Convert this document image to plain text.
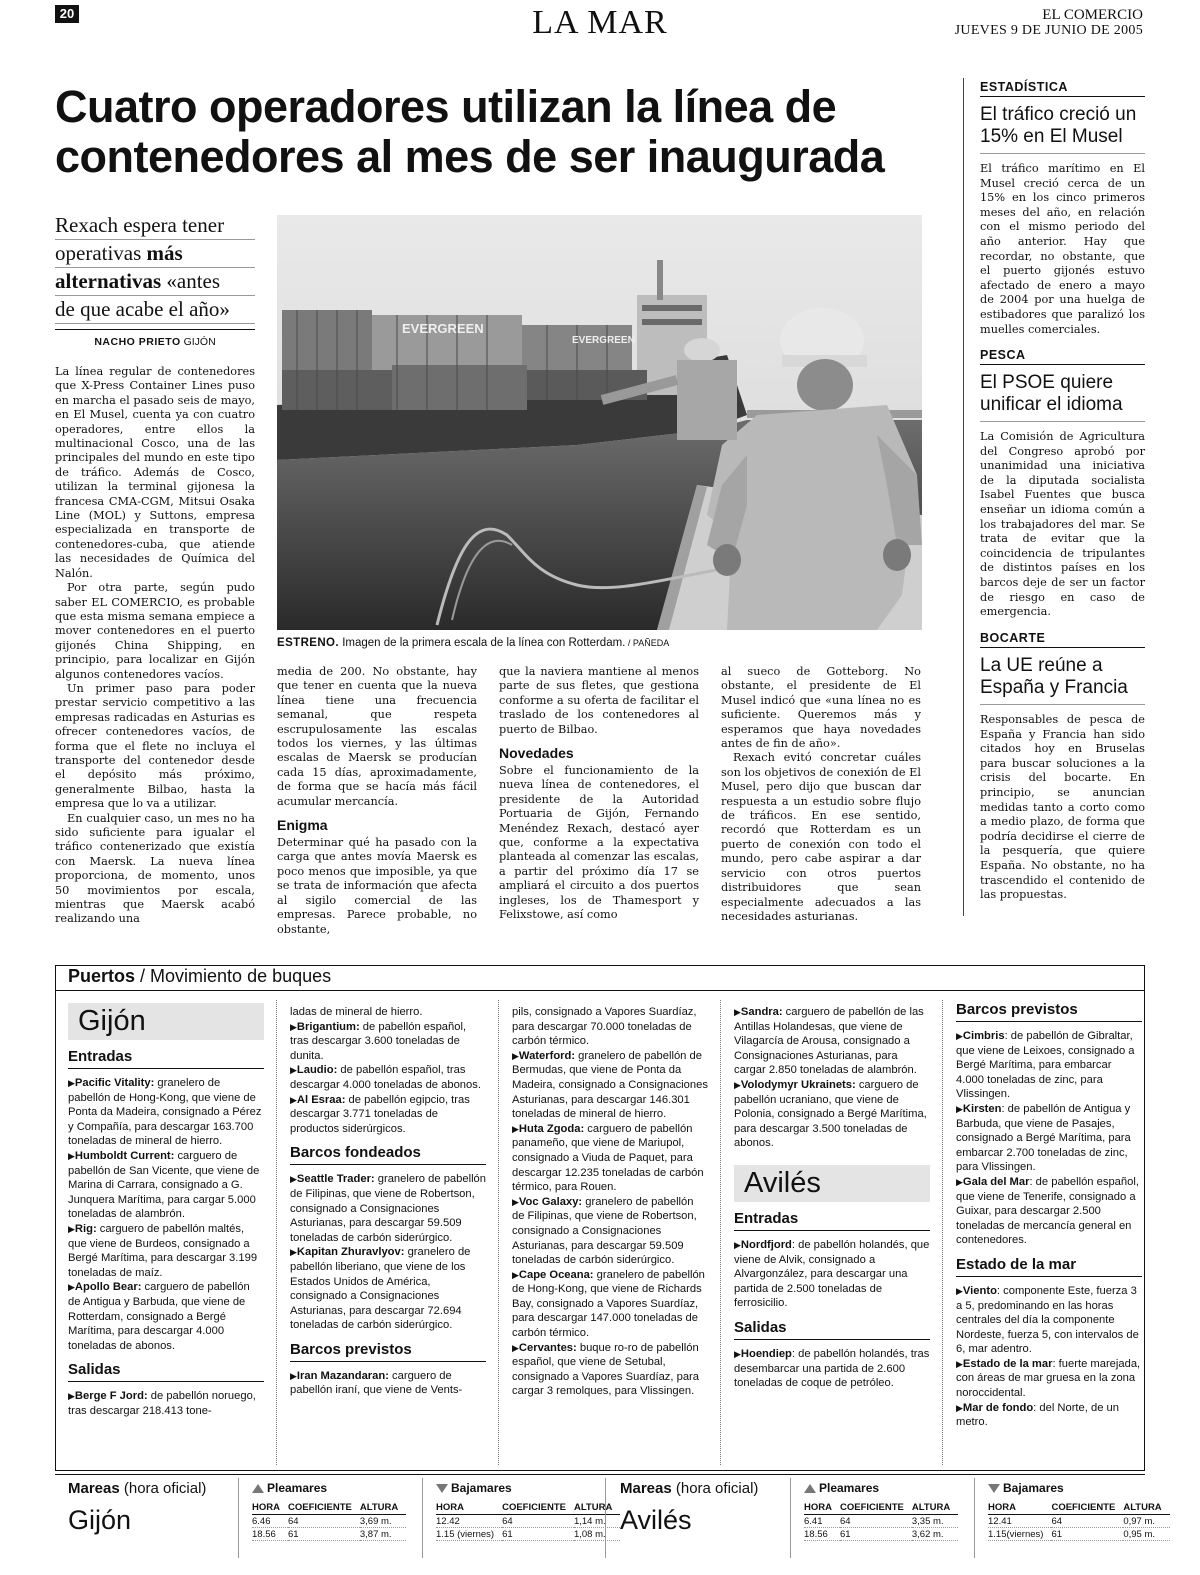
20	LA MAR	EL COMERCIO
JUEVES 9 DE JUNIO DE 2005
Cuatro operadores utilizan la línea de contenedores al mes de ser inaugurada
Rexach espera tener
operativas más
alternativas «antes
de que acabe el año»
NACHO PRIETO GIJÓN

La línea regular de contenedores que X-Press Container Lines puso en marcha el pasado seis de mayo, en El Musel, cuenta ya con cuatro operadores, entre ellos la multinacional Cosco, una de las principales del mundo en este tipo de tráfico. Además de Cosco, utilizan la terminal gijonesa la francesa CMA-CGM, Mitsui Osaka Line (MOL) y Suttons, empresa especializada en transporte de contenedores-cuba, que atiende las necesidades de Química del Nalón.

Por otra parte, según pudo saber EL COMERCIO, es probable que esta misma semana empiece a mover contenedores en el puerto gijonés China Shipping, en principio, para localizar en Gijón algunos contenedores vacíos.

Un primer paso para poder prestar servicio competitivo a las empresas radicadas en Asturias es ofrecer contenedores vacíos, de forma que el flete no incluya el transporte del contenedor desde el depósito más próximo, generalmente Bilbao, hasta la empresa que lo va a utilizar.

En cualquier caso, un mes no ha sido suficiente para igualar el tráfico contenerizado que existía con Maersk. La nueva línea proporciona, de momento, unos 50 movimientos por escala, mientras que Maersk acabó realizando una

EVERGREEN
EVERGREEN
ESTRENO. Imagen de la primera escala de la línea con Rotterdam. / PAÑEDA

media de 200. No obstante, hay que tener en cuenta que la nueva línea tiene una frecuencia semanal, que respeta escrupulosamente las escalas todos los viernes, y las últimas escalas de Maersk se producían cada 15 días, aproximadamente, de forma que se hacía más fácil acumular mercancía.

Enigma

Determinar qué ha pasado con la carga que antes movía Maersk es poco menos que imposible, ya que se trata de información que afecta al sigilo comercial de las empresas. Parece probable, no obstante,

que la naviera mantiene al menos parte de sus fletes, que gestiona conforme a su oferta de facilitar el traslado de los contenedores al puerto de Bilbao.

Novedades

Sobre el funcionamiento de la nueva línea de contenedores, el presidente de la Autoridad Portuaria de Gijón, Fernando Menéndez Rexach, destacó ayer que, conforme a la expectativa planteada al comenzar las escalas, a partir del próximo día 17 se ampliará el circuito a dos puertos ingleses, los de Thamesport y Felixstowe, así como

al sueco de Gotteborg. No obstante, el presidente de El Musel indicó que «una línea no es suficiente. Queremos más y esperamos que haya novedades antes de fin de año».

Rexach evitó concretar cuáles son los objetivos de conexión de El Musel, pero dijo que buscan dar respuesta a un estudio sobre flujo de tráficos. En ese sentido, recordó que Rotterdam es un puerto de conexión con todo el mundo, pero cabe aspirar a dar servicio con otros puertos distribuidores que sean especialmente adecuados a las necesidades asturianas.

ESTADÍSTICA
El tráfico creció un 15% en El Musel
El tráfico marítimo en El Musel creció cerca de un 15% en los cinco primeros meses del año, en relación con el mismo periodo del año anterior. Hay que recordar, no obstante, que el puerto gijonés estuvo afectado de enero a mayo de 2004 por una huelga de estibadores que paralizó los muelles comerciales.
PESCA
El PSOE quiere unificar el idioma
La Comisión de Agricultura del Congreso aprobó por unanimidad una iniciativa de la diputada socialista Isabel Fuentes que busca enseñar un idioma común a los trabajadores del mar. Se trata de evitar que la coincidencia de tripulantes de distintos países en los barcos deje de ser un factor de riesgo en caso de emergencia.
BOCARTE
La UE reúne a España y Francia
Responsables de pesca de España y Francia han sido citados hoy en Bruselas para buscar soluciones a la crisis del bocarte. En principio, se anuncian medidas tanto a corto como a medio plazo, de forma que podría decidirse el cierre de la pesquería, que quiere España. No obstante, no ha trascendido el contenido de las propuestas.
Puertos / Movimiento de buques
Gijón
Entradas

▶Pacific Vitality: granelero de pabellón de Hong-Kong, que viene de Ponta da Madeira, consignado a Pérez y Compañía, para descargar 163.700 toneladas de mineral de hierro.

▶Humboldt Current: carguero de pabellón de San Vicente, que viene de Marina di Carrara, consignado a G. Junquera Marítima, para cargar 5.000 toneladas de alambrón.

▶Rig: carguero de pabellón maltés, que viene de Burdeos, consignado a Bergé Marítima, para descargar 3.199 toneladas de maíz.

▶Apollo Bear: carguero de pabellón de Antigua y Barbuda, que viene de Rotterdam, consignado a Bergé Marítima, para descargar 4.000 toneladas de abonos.

Salidas

▶Berge F Jord: de pabellón noruego, tras descargar 218.413 tone-

ladas de mineral de hierro.

▶Brigantium: de pabellón español, tras descargar 3.600 toneladas de dunita.

▶Laudio: de pabellón español, tras descargar 4.000 toneladas de abonos.

▶Al Esraa: de pabellón egipcio, tras descargar 3.771 toneladas de productos siderúrgicos.

Barcos fondeados

▶Seattle Trader: granelero de pabellón de Filipinas, que viene de Robertson, consignado a Consignaciones Asturianas, para descargar 59.509 toneladas de carbón siderúrgico.

▶Kapitan Zhuravlyov: granelero de pabellón liberiano, que viene de los Estados Unidos de América, consignado a Consignaciones Asturianas, para descargar 72.694 toneladas de carbón siderúrgico.

Barcos previstos

▶Iran Mazandaran: carguero de pabellón iraní, que viene de Vents-

pils, consignado a Vapores Suardíaz, para descargar 70.000 toneladas de carbón térmico.

▶Waterford: granelero de pabellón de Bermudas, que viene de Ponta da Madeira, consignado a Consignaciones Asturianas, para descargar 146.301 toneladas de mineral de hierro.

▶Huta Zgoda: carguero de pabellón panameño, que viene de Mariupol, consignado a Viuda de Paquet, para descargar 12.235 toneladas de carbón térmico, para Rouen.

▶Voc Galaxy: granelero de pabellón de Filipinas, que viene de Robertson, consignado a Consignaciones Asturianas, para descargar 59.509 toneladas de carbón siderúrgico.

▶Cape Oceana: granelero de pabellón de Hong-Kong, que viene de Richards Bay, consignado a Vapores Suardíaz, para descargar 147.000 toneladas de carbón térmico.

▶Cervantes: buque ro-ro de pabellón español, que viene de Setubal, consignado a Vapores Suardíaz, para cargar 3 remolques, para Vlissingen.

▶Sandra: carguero de pabellón de las Antillas Holandesas, que viene de Vilagarcía de Arousa, consignado a Consignaciones Asturianas, para cargar 2.850 toneladas de alambrón.

▶Volodymyr Ukrainets: carguero de pabellón ucraniano, que viene de Polonia, consignado a Bergé Marítima, para descargar 3.500 toneladas de abonos.

Avilés
Entradas

▶Nordfjord: de pabellón holandés, que viene de Alvik, consignado a Alvargonzález, para descargar una partida de 2.500 toneladas de ferrosicilio.

Salidas

▶Hoendiep: de pabellón holandés, tras desembarcar una partida de 2.600 toneladas de coque de petróleo.

Barcos previstos

▶Cimbris: de pabellón de Gibraltar, que viene de Leixoes, consignado a Bergé Marítima, para embarcar 4.000 toneladas de zinc, para Vlissingen.

▶Kirsten: de pabellón de Antigua y Barbuda, que viene de Pasajes, consignado a Bergé Marítima, para embarcar 2.700 toneladas de zinc, para Vlissingen.

▶Gala del Mar: de pabellón español, que viene de Tenerife, consignado a Guixar, para descargar 2.500 toneladas de mercancía general en contenedores.

Estado de la mar

▶Viento: componente Este, fuerza 3 a 5, predominando en las horas centrales del día la componente Nordeste, fuerza 5, con intervalos de 6, mar adentro.

▶Estado de la mar: fuerte marejada, con áreas de mar gruesa en la zona noroccidental.

▶Mar de fondo: del Norte, de un metro.

Mareas (hora oficial)
Gijón
Pleamares
HORA	COEFICIENTE	ALTURA
6.46	64	3,69 m.
18.56	61	3,87 m.
Bajamares
HORA	COEFICIENTE	ALTURA
12.42	64	1,14 m.
1.15 (viernes)	61	1,08 m.
Mareas (hora oficial)
Avilés
Pleamares
HORA	COEFICIENTE	ALTURA
6.41	64	3,35 m.
18.56	61	3,62 m.
Bajamares
HORA	COEFICIENTE	ALTURA
12.41	64	0,97 m.
1.15(viernes)	61	0,95 m.
